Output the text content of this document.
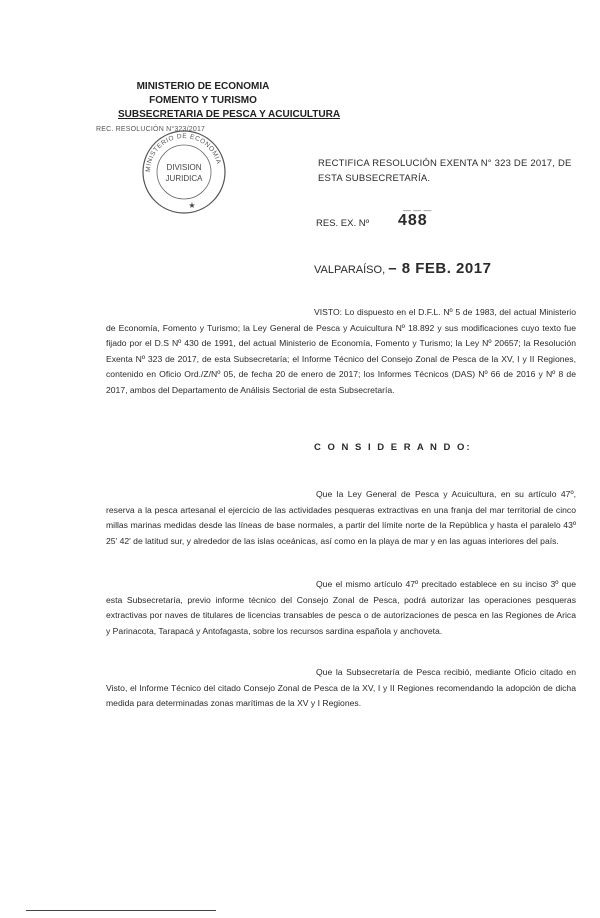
MINISTERIO DE ECONOMIA
FOMENTO Y TURISMO
SUBSECRETARIA DE PESCA Y ACUICULTURA
REC. RESOLUCIÓN N°323/2017
MINISTERIO DE ECONOMIA
DIVISION
JURIDICA
★
RECTIFICA RESOLUCIÓN EXENTA N° 323 DE 2017, DE ESTA SUBSECRETARÍA.
— — —
RES. EX. Nº 488
VALPARAÍSO, – 8 FEB. 2017
VISTO: Lo dispuesto en el D.F.L. Nº 5 de 1983, del actual Ministerio de Economía, Fomento y Turismo; la Ley General de Pesca y Acuicultura Nº 18.892 y sus modificaciones cuyo texto fue fijado por el D.S Nº 430 de 1991, del actual Ministerio de Economía, Fomento y Turismo; la Ley Nº 20657; la Resolución Exenta Nº 323 de 2017, de esta Subsecretaría; el Informe Técnico del Consejo Zonal de Pesca de la XV, I y II Regiones, contenido en Oficio Ord./Z/Nº 05, de fecha 20 de enero de 2017; los Informes Técnicos (DAS) Nº 66 de 2016 y Nº 8 de 2017, ambos del Departamento de Análisis Sectorial de esta Subsecretaría.
C O N S I D E R A N D O:
Que la Ley General de Pesca y Acuicultura, en su artículo 47º, reserva a la pesca artesanal el ejercicio de las actividades pesqueras extractivas en una franja del mar territorial de cinco millas marinas medidas desde las líneas de base normales, a partir del límite norte de la República y hasta el paralelo 43º 25' 42' de latitud sur, y alrededor de las islas oceánicas, así como en la playa de mar y en las aguas interiores del país.
Que el mismo artículo 47º precitado establece en su inciso 3º que esta Subsecretaría, previo informe técnico del Consejo Zonal de Pesca, podrá autorizar las operaciones pesqueras extractivas por naves de titulares de licencias transables de pesca o de autorizaciones de pesca en las Regiones de Arica y Parinacota, Tarapacá y Antofagasta, sobre los recursos sardina española y anchoveta.
Que la Subsecretaría de Pesca recibió, mediante Oficio citado en Visto, el Informe Técnico del citado Consejo Zonal de Pesca de la XV, I y II Regiones recomendando la adopción de dicha medida para determinadas zonas marítimas de la XV y I Regiones.
